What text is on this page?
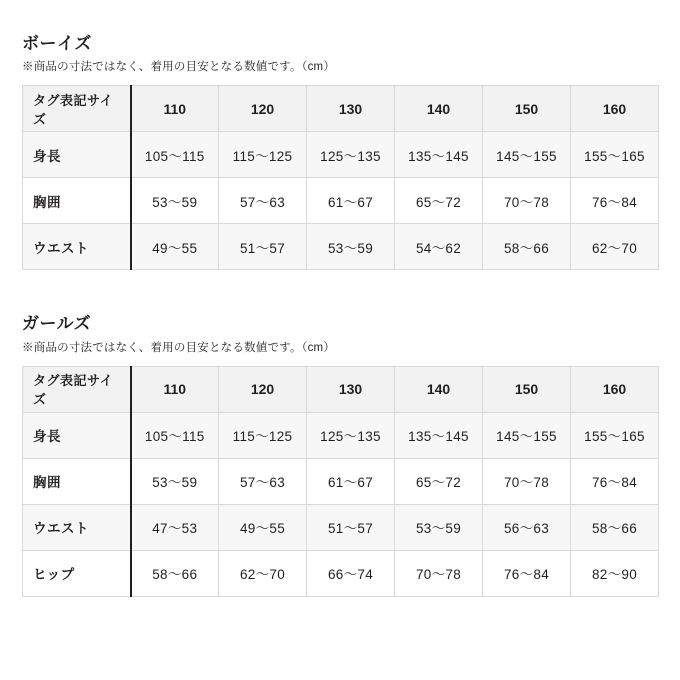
ボーイズ

※商品の寸法ではなく、着用の目安となる数値です。（cm）

タグ表記サイズ	110	120	130	140	150	160
身長	105〜115	115〜125	125〜135	135〜145	145〜155	155〜165
胸囲	53〜59	57〜63	61〜67	65〜72	70〜78	76〜84
ウエスト	49〜55	51〜57	53〜59	54〜62	58〜66	62〜70
ガールズ

※商品の寸法ではなく、着用の目安となる数値です。（cm）

タグ表記サイズ	110	120	130	140	150	160
身長	105〜115	115〜125	125〜135	135〜145	145〜155	155〜165
胸囲	53〜59	57〜63	61〜67	65〜72	70〜78	76〜84
ウエスト	47〜53	49〜55	51〜57	53〜59	56〜63	58〜66
ヒップ	58〜66	62〜70	66〜74	70〜78	76〜84	82〜90
